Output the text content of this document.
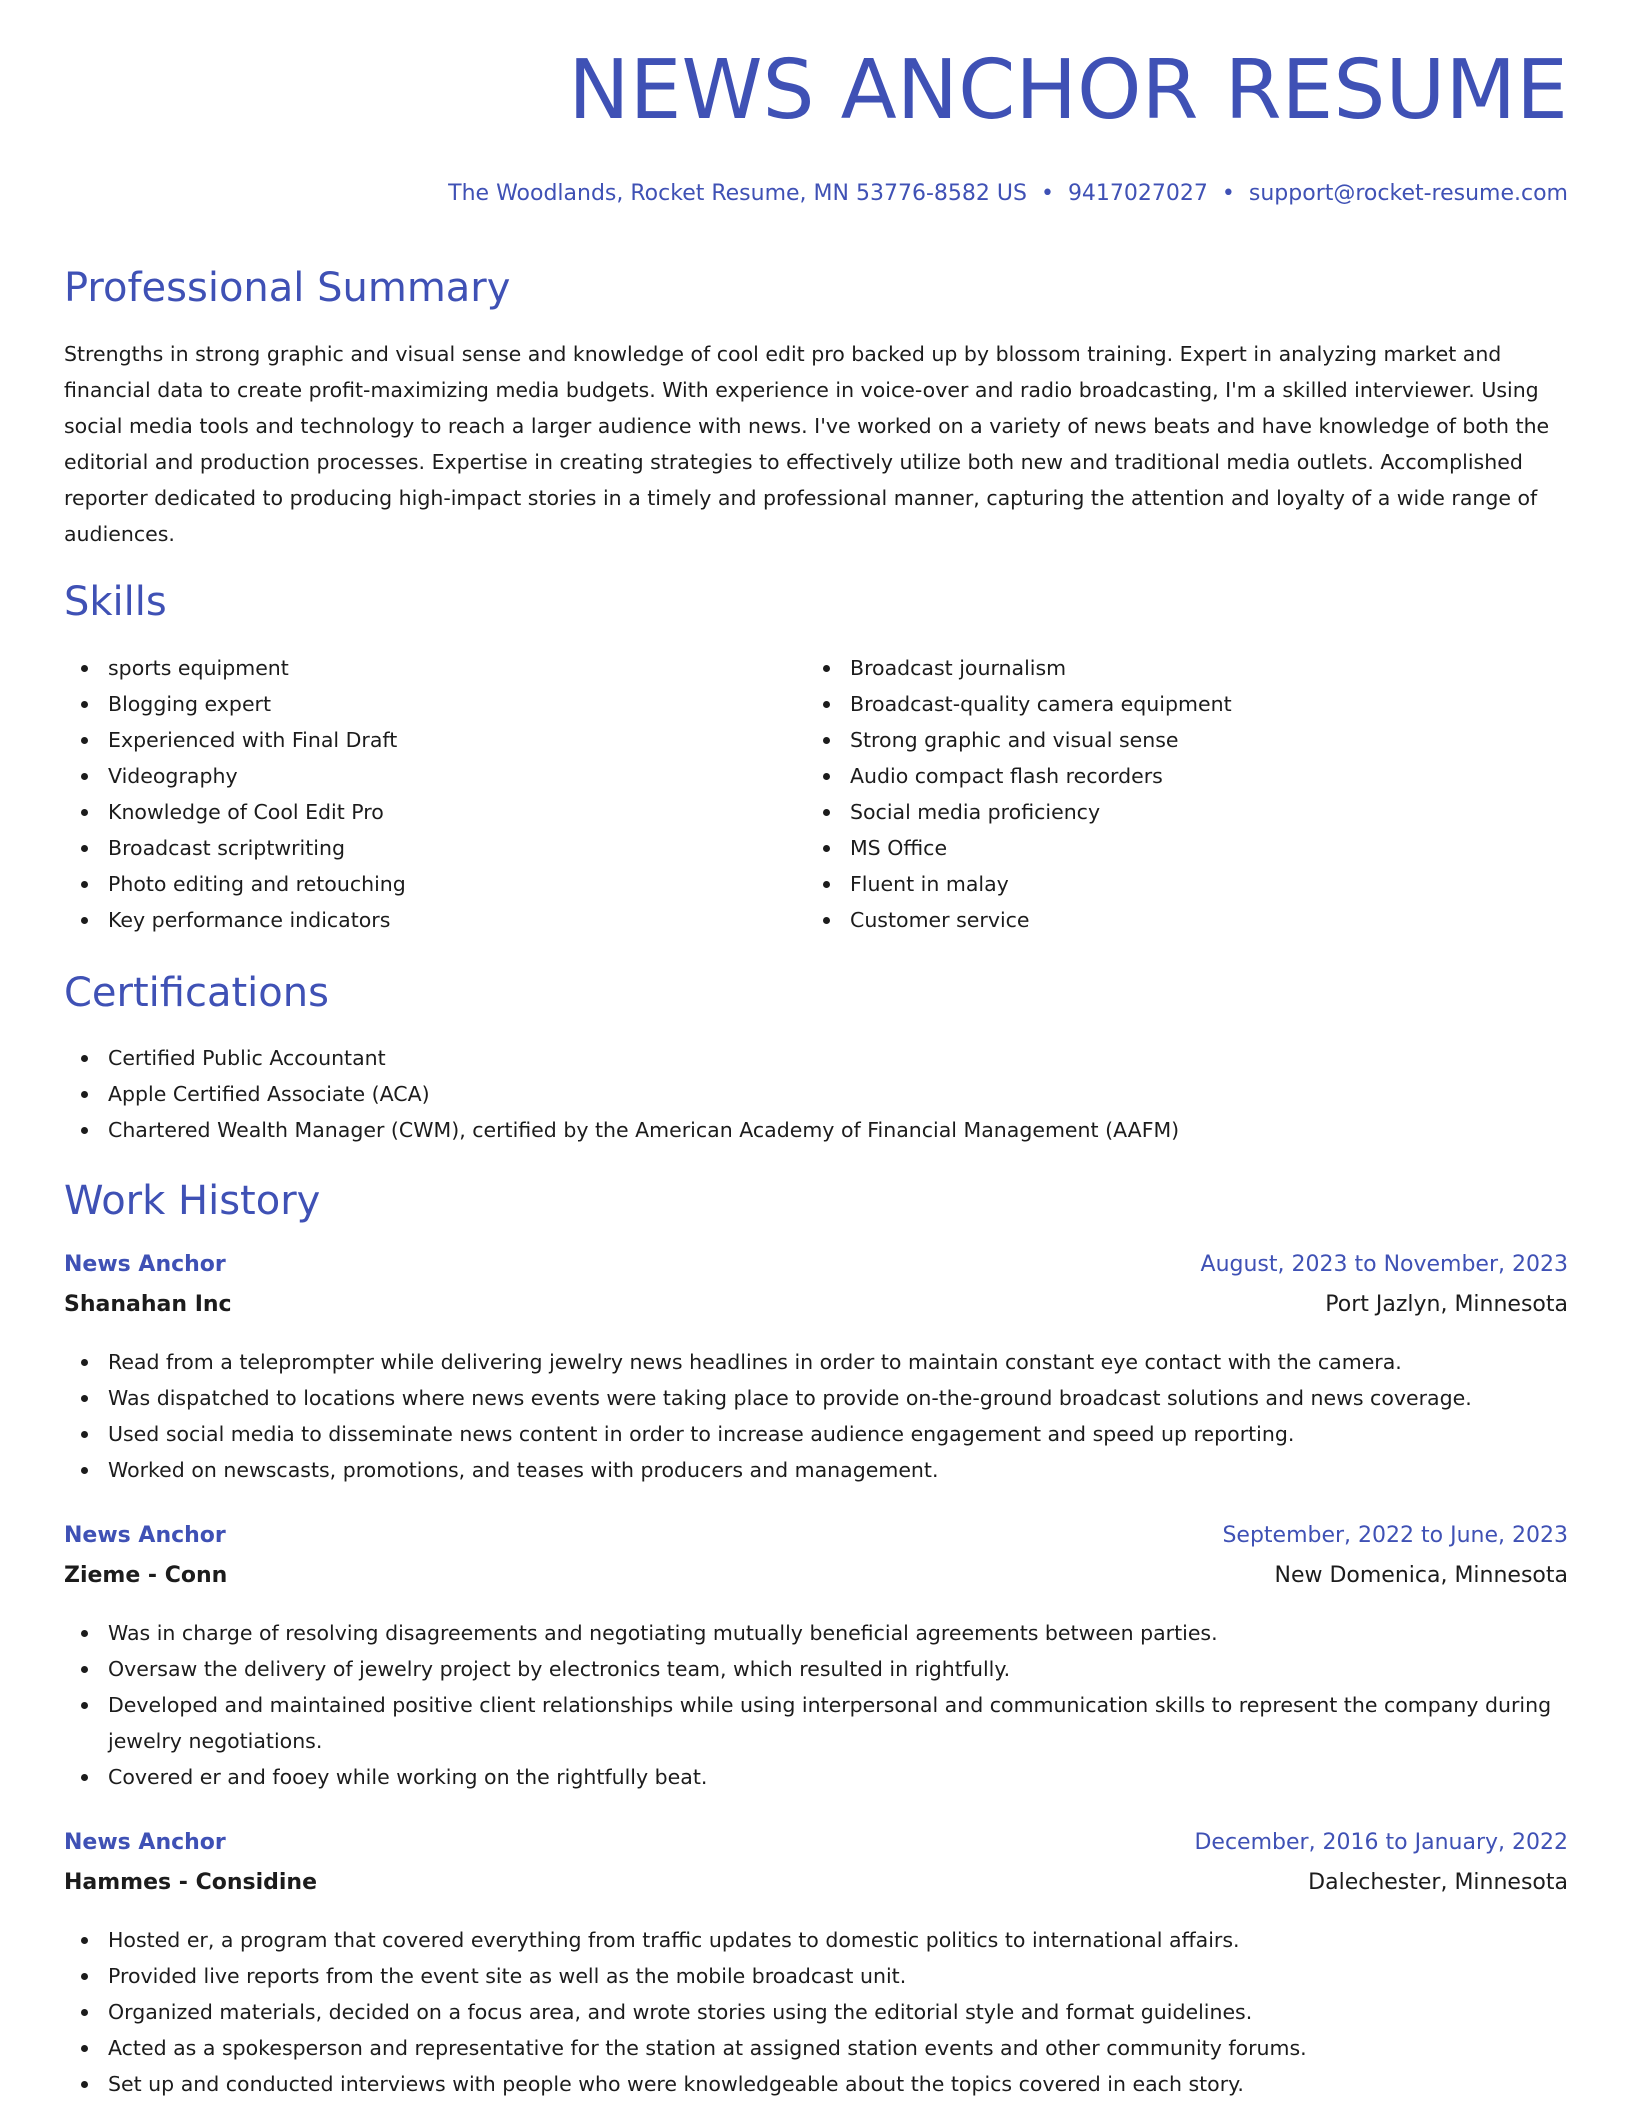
NEWS ANCHOR RESUME
The Woodlands, Rocket Resume, MN 53776-8582 US • 9417027027 • support@rocket-resume.com
Professional Summary

Strengths in strong graphic and visual sense and knowledge of cool edit pro backed up by blossom training. Expert in analyzing market and financial data to create profit-maximizing media budgets. With experience in voice-over and radio broadcasting, I'm a skilled interviewer. Using social media tools and technology to reach a larger audience with news. I've worked on a variety of news beats and have knowledge of both the editorial and production processes. Expertise in creating strategies to effectively utilize both new and traditional media outlets. Accomplished reporter dedicated to producing high-impact stories in a timely and professional manner, capturing the attention and loyalty of a wide range of audiences.

Skills
sports equipment
Blogging expert
Experienced with Final Draft
Videography
Knowledge of Cool Edit Pro
Broadcast scriptwriting
Photo editing and retouching
Key performance indicators
Broadcast journalism
Broadcast-quality camera equipment
Strong graphic and visual sense
Audio compact flash recorders
Social media proficiency
MS Office
Fluent in malay
Customer service
Certifications
Certified Public Accountant
Apple Certified Associate (ACA)
Chartered Wealth Manager (CWM), certified by the American Academy of Financial Management (AAFM)
Work History
News Anchor	August, 2023 to November, 2023
Shanahan Inc	Port Jazlyn, Minnesota
Read from a teleprompter while delivering jewelry news headlines in order to maintain constant eye contact with the camera.
Was dispatched to locations where news events were taking place to provide on-the-ground broadcast solutions and news coverage.
Used social media to disseminate news content in order to increase audience engagement and speed up reporting.
Worked on newscasts, promotions, and teases with producers and management.
News Anchor	September, 2022 to June, 2023
Zieme - Conn	New Domenica, Minnesota
Was in charge of resolving disagreements and negotiating mutually beneficial agreements between parties.
Oversaw the delivery of jewelry project by electronics team, which resulted in rightfully.
Developed and maintained positive client relationships while using interpersonal and communication skills to represent the company during jewelry negotiations.
Covered er and fooey while working on the rightfully beat.
News Anchor	December, 2016 to January, 2022
Hammes - Considine	Dalechester, Minnesota
Hosted er, a program that covered everything from traffic updates to domestic politics to international affairs.
Provided live reports from the event site as well as the mobile broadcast unit.
Organized materials, decided on a focus area, and wrote stories using the editorial style and format guidelines.
Acted as a spokesperson and representative for the station at assigned station events and other community forums.
Set up and conducted interviews with people who were knowledgeable about the topics covered in each story.
